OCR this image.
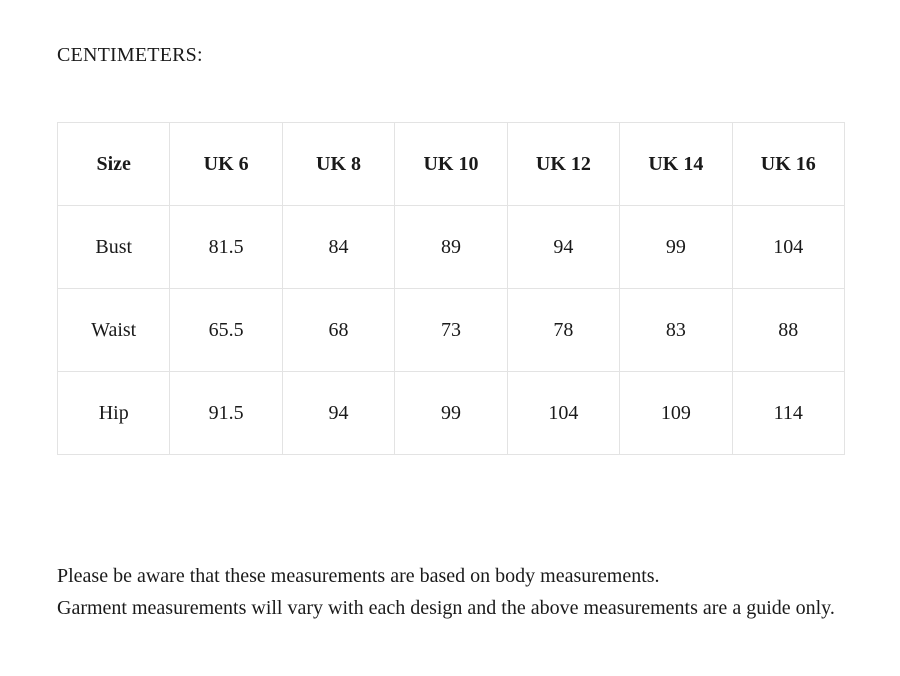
CENTIMETERS:
Size	UK 6	UK 8	UK 10	UK 12	UK 14	UK 16
Bust	81.5	84	89	94	99	104
Waist	65.5	68	73	78	83	88
Hip	91.5	94	99	104	109	114

Please be aware that these measurements are based on body measurements.

Garment measurements will vary with each design and the above measurements are a guide only.
